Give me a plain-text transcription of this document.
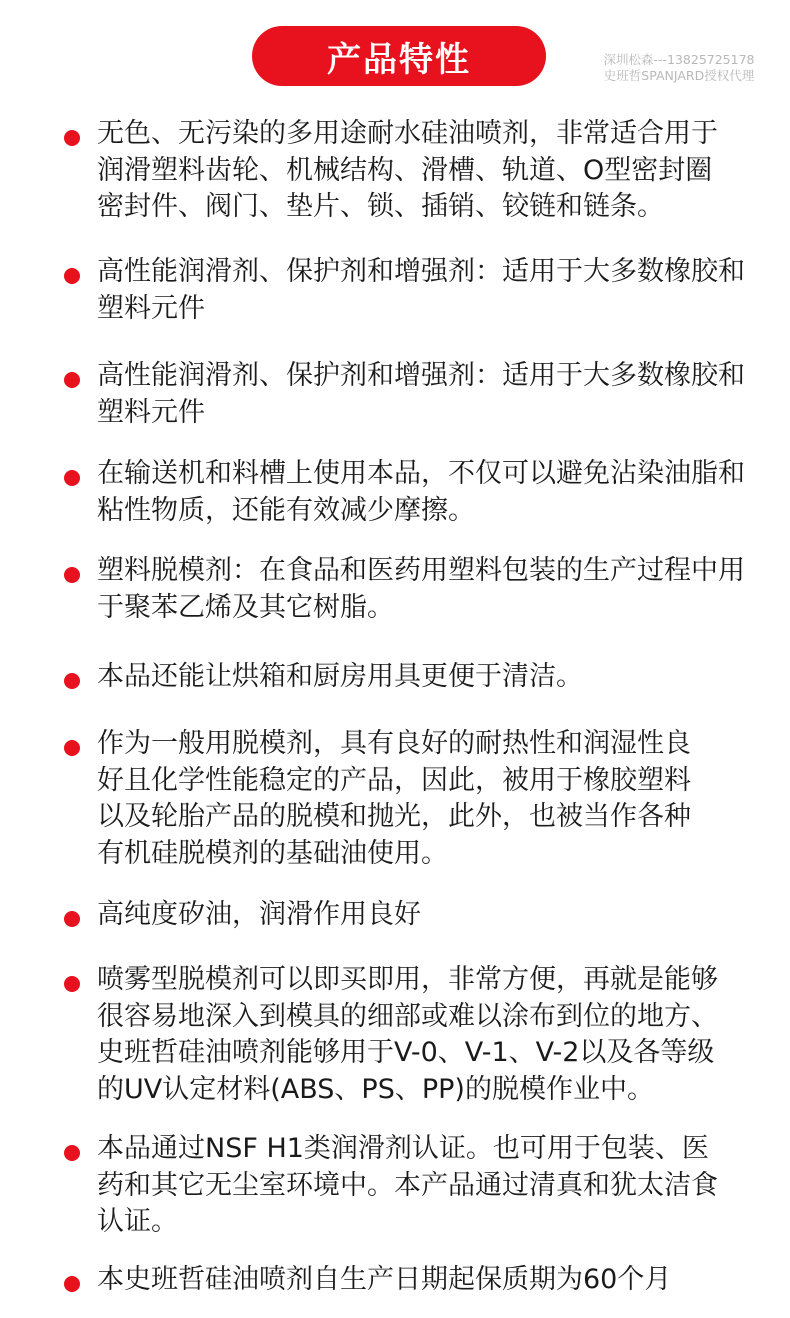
产品特性	深圳松森---13825725178
史班哲SPANJARD授权代理
无色、无污染的多用途耐水硅油喷剂，非常适合用于润滑塑料齿轮、机械结构、滑槽、轨道、O型密封圈密封件、阀门、垫片、锁、插销、铰链和链条。
高性能润滑剂、保护剂和增强剂：适用于大多数橡胶和塑料元件
高性能润滑剂、保护剂和增强剂：适用于大多数橡胶和塑料元件
在输送机和料槽上使用本品，不仅可以避免沾染油脂和粘性物质，还能有效减少摩擦。
塑料脱模剂：在食品和医药用塑料包装的生产过程中用于聚苯乙烯及其它树脂。
本品还能让烘箱和厨房用具更便于清洁。
作为一般用脱模剂，具有良好的耐热性和润湿性良好且化学性能稳定的产品，因此，被用于橡胶塑料以及轮胎产品的脱模和抛光，此外，也被当作各种有机硅脱模剂的基础油使用。
高纯度矽油，润滑作用良好
喷雾型脱模剂可以即买即用，非常方便，再就是能够很容易地深入到模具的细部或难以涂布到位的地方、史班哲硅油喷剂能够用于V-0、V-1、V-2以及各等级的UV认定材料(ABS、PS、PP)的脱模作业中。
本品通过NSF H1类润滑剂认证。也可用于包装、医药和其它无尘室环境中。本产品通过清真和犹太洁食认证。
本史班哲硅油喷剂自生产日期起保质期为60个月
